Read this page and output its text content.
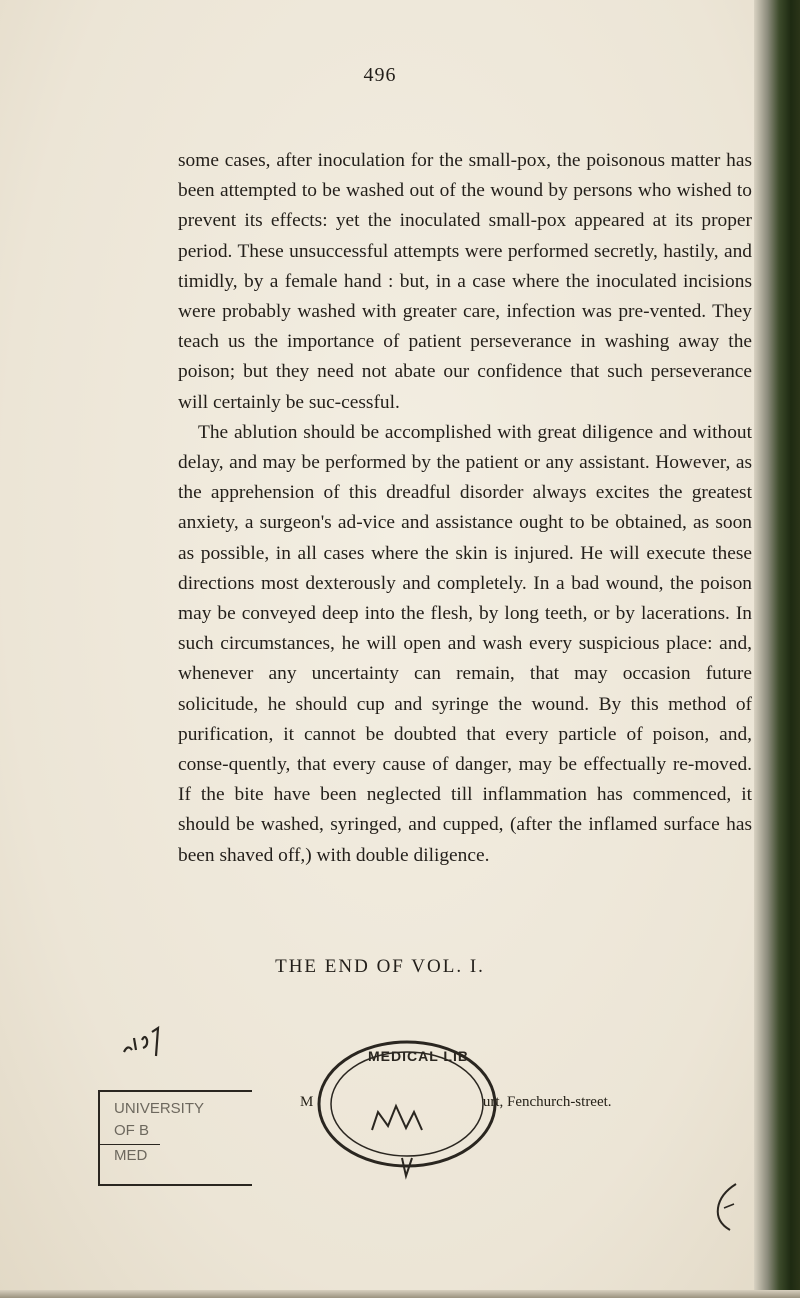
496

some cases, after inoculation for the small-pox, the poisonous matter has been attempted to be washed out of the wound by persons who wished to prevent its effects: yet the inoculated small-pox appeared at its proper period. These unsuccessful attempts were performed secretly, hastily, and timidly, by a female hand : but, in a case where the inoculated incisions were probably washed with greater care, infection was pre-vented. They teach us the importance of patient perseverance in washing away the poison; but they need not abate our confidence that such perseverance will certainly be suc-cessful.

The ablution should be accomplished with great diligence and without delay, and may be performed by the patient or any assistant. However, as the apprehension of this dreadful disorder always excites the greatest anxiety, a surgeon's ad-vice and assistance ought to be obtained, as soon as possible, in all cases where the skin is injured. He will execute these directions most dexterously and completely. In a bad wound, the poison may be conveyed deep into the flesh, by long teeth, or by lacerations. In such circumstances, he will open and wash every suspicious place: and, whenever any uncertainty can remain, that may occasion future solicitude, he should cup and syringe the wound. By this method of purification, it cannot be doubted that every particle of poison, and, conse-quently, that every cause of danger, may be effectually re-moved. If the bite have been neglected till inflammation has commenced, it should be washed, syringed, and cupped, (after the inflamed surface has been shaved off,) with double diligence.

THE END OF VOL. I.
UNIVERSITY
OF B
MED
MEDICAL LIB
M	urt, Fenchurch-street.
